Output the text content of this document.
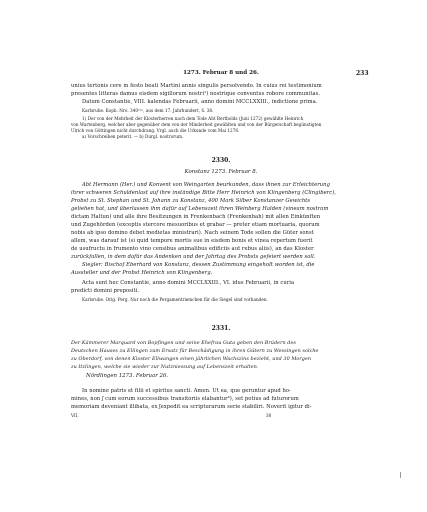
1273. Februar 8 und 26.	233
unius tertonis cere in festo beati Martini annis singulis persolvendo. In cuius rei testimonium
presentes litteras damus eisdem sigillorum nostri¹) nostrique conventus robore communitas.
Datum Constantie, VIII. kalendas Februarii, anno domini MCCLXXIII., indictione prima.
Karlsruhe. Kopb. Nro. 340ᵐᵐ, aus dem 17. Jahrhundert, S. 38.
1) Der von der Mehrheit der Klosterherren nach dem Tode Abt Bertholds (Juni 1272) gewählte Heinrich
von Wartenberg, welcher aber gegenüber dem von der Minderheit gewählten und von der Bürgerschaft begünstigten
Ulrich von Göttingen nicht durchdrang. Vrgl. auch die Urkunde vom Mai 1276.
a) Vorschreiben peterit. — b) Durgl. nostrorum.
2330.
Konstanz 1273. Februar 8.
Abt Hermann (Her.) und Konvent von Weingarten beurkunden, dass ihnen zur Erleichterung
ihrer schweren Schuldenlast auf ihre inständige Bitte Herr Heinrich von Klingenberg (Clingiberc),
Probst zu St. Stephan und St. Johann zu Konstanz, 400 Mark Silber Konstanzer Gewichts
geliehen hat, und überlassen ihm dafür auf Lebenszeit ihren Weinberg Halden (vineam nostram
dictam Haltun) und alle ihre Besitzungen in Frenkenbach (Frenkenbah) mit allen Einkünften
und Zugehörden (exceptis stercore mesuoribus et grabar — preter etiam mortuaria, quorum
nobis ab ipso domino debet medietas ministrari). Nach seinem Tode sollen die Güter sonst
allem, was darauf ist (si quid tempore mortis sue in eisdem bonis et vinea repertum fuerit
de usufructu in frumento vino censibus animalibus edificiis aut rebus aliis), an das Kloster
zurückfallen, in dem dafür das Andenken und der Jahrtag des Probsts gefeiert werden soll.
Siegler: Bischof Eberhard von Konstanz, dessen Zustimmung eingeholt worden ist, die
Aussteller und der Probst Heinrich von Klingenberg.
Acta sunt hec Constantie, anno domini MCCLXXIII., VI. idus Februarii, in curia
predicti domini prepositi.
Karlsruhe. Orig. Perg. Nur noch die Pergamentriemchen für die Siegel sind vorhanden.
2331.
Der Kämmerer Marquard von Bopfingen und seine Ehefrau Guta geben den Brüdern des
Deutschen Hauses zu Ellingen zum Ersatz für Beschädigung in ihren Gütern zu Wessingen solche
zu Oberdorf, von denen Kloster Ellwangen einen jährlichen Wachszins bezieht, und 30 Morgen
zu Itzlingen, welche sie wieder zur Nutzniessung auf Lebenszeit erhalten.
Nördlingen 1273. Februar 26.
In nomine patris et filii et spiritus sancti. Amen. Ut ea, que geruntur apud ho-
mines, non ʃ cum eorum successibus transitoriis elabantur³), set potius ad futurorum
memoriam deveniant illibata, ex ʃexpedit ea scripturarum serie stabiliri. Noverit igitur di-
VII.	30
